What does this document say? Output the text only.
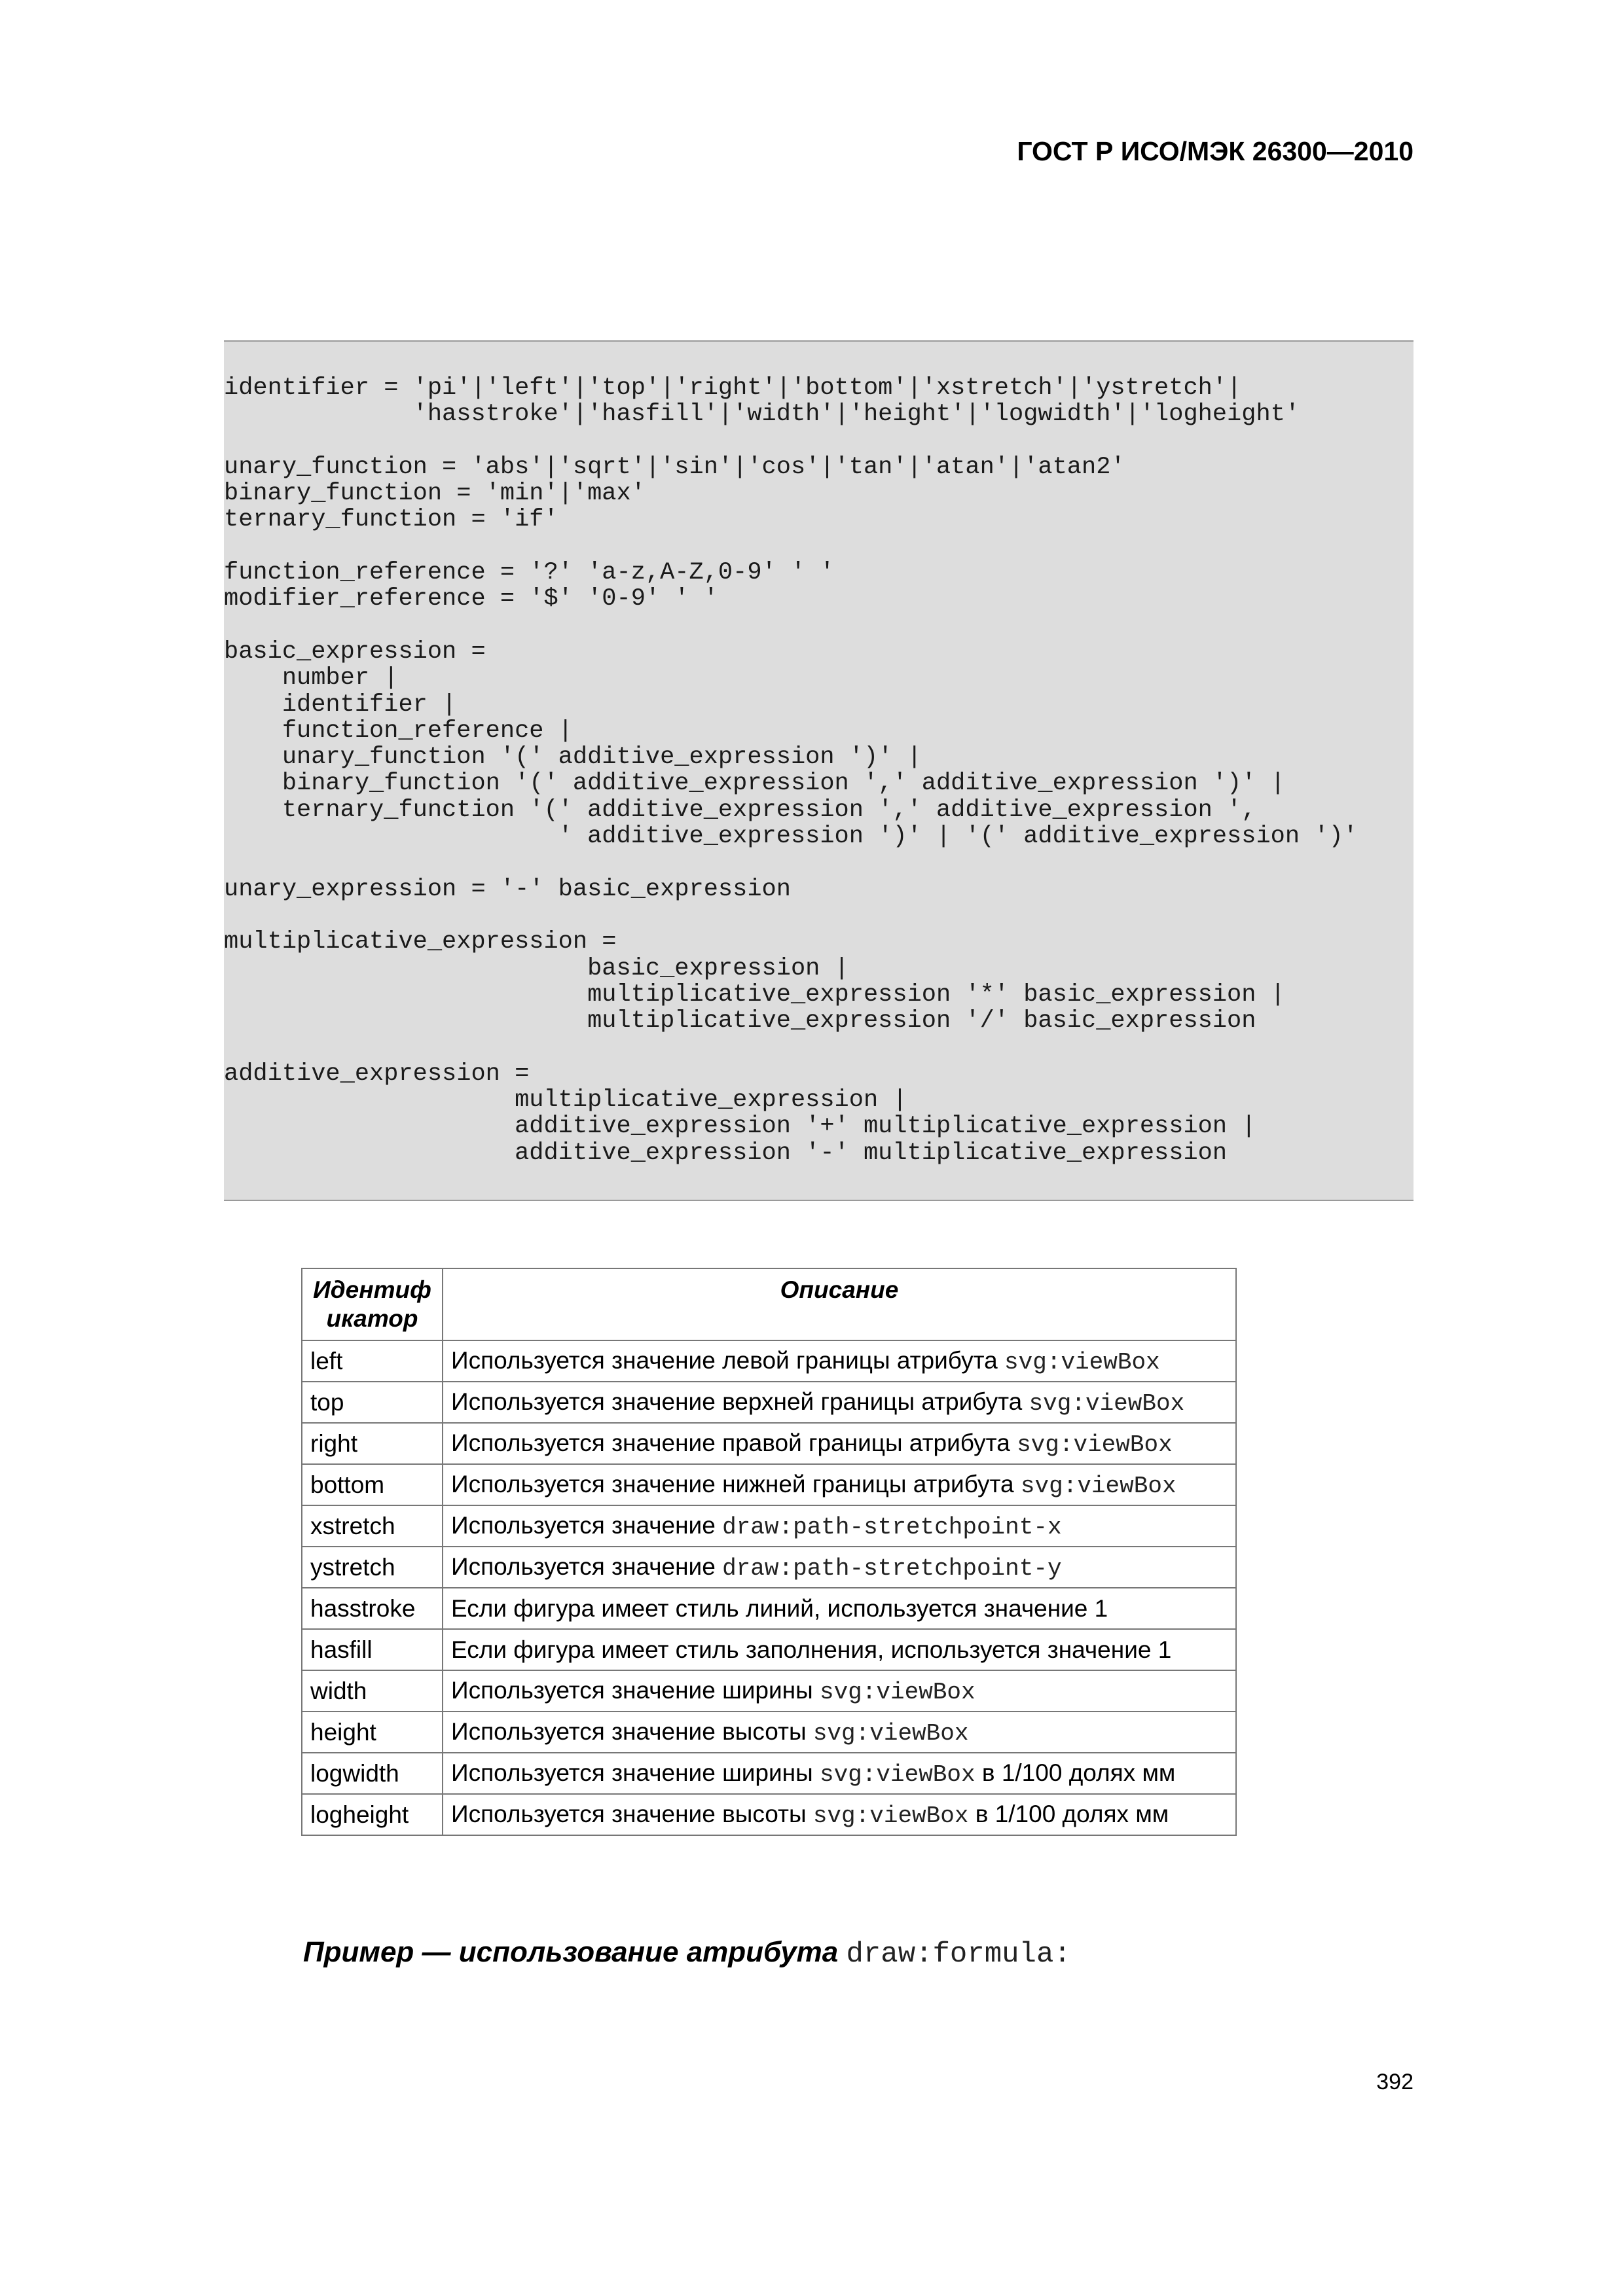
ГОСТ Р ИСО/МЭК 26300—2010
identifier = 'pi'|'left'|'top'|'right'|'bottom'|'xstretch'|'ystretch'|
'hasstroke'|'hasfill'|'width'|'height'|'logwidth'|'logheight'

unary_function = 'abs'|'sqrt'|'sin'|'cos'|'tan'|'atan'|'atan2'
binary_function = 'min'|'max'
ternary_function = 'if'

function_reference = '?' 'a-z,A-Z,0-9' ' '
modifier_reference = '$' '0-9' ' '

basic_expression =
number |
identifier |
function_reference |
unary_function '(' additive_expression ')' |
binary_function '(' additive_expression ',' additive_expression ')' |
ternary_function '(' additive_expression ',' additive_expression ',
' additive_expression ')' | '(' additive_expression ')'

unary_expression = '-' basic_expression

multiplicative_expression =
basic_expression |
multiplicative_expression '*' basic_expression |
multiplicative_expression '/' basic_expression

additive_expression =
multiplicative_expression |
additive_expression '+' multiplicative_expression |
additive_expression '-' multiplicative_expression
Идентиф
икатор	Описание
left	Используется значение левой границы атрибута svg:viewBox
top	Используется значение верхней границы атрибута svg:viewBox
right	Используется значение правой границы атрибута svg:viewBox
bottom	Используется значение нижней границы атрибута svg:viewBox
xstretch	Используется значение draw:path-stretchpoint-x
ystretch	Используется значение draw:path-stretchpoint-y
hasstroke	Если фигура имеет стиль линий, используется значение 1
hasfill	Если фигура имеет стиль заполнения, используется значение 1
width	Используется значение ширины svg:viewBox
height	Используется значение высоты svg:viewBox
logwidth	Используется значение ширины svg:viewBox в 1/100 долях мм
logheight	Используется значение высоты svg:viewBox в 1/100 долях мм
Пример — использование атрибута draw:formula:
392
